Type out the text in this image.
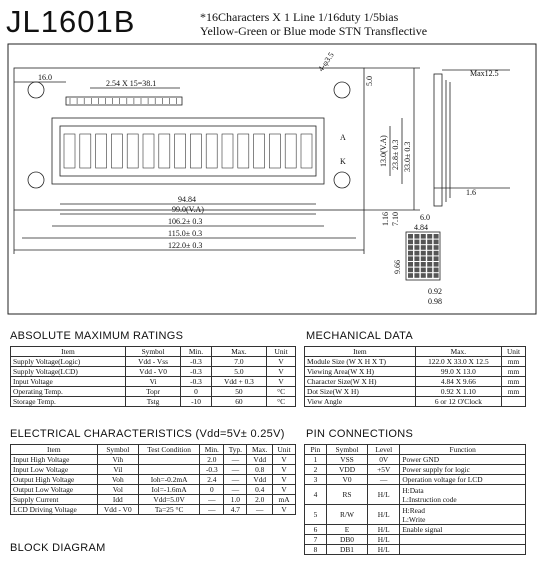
JL1601B	*16Characters X 1 Line 1/16duty 1/5bias
Yellow-Green or Blue mode STN Transflective
16.0
2.54 X 15=38.1
4-φ3.5
5.0
Max12.5
13.0(V.A) 23.8± 0.3 33.0± 0.3
A
K
94.84
99.0(V.A)
106.2± 0.3
115.0± 0.3
122.0± 0.3
1.6
1.16 7.10	6.0
4.84
9.66
0.92
0.98
ABSOLUTE MAXIMUM RATINGS
Item	Symbol	Min.	Max.	Unit
Supply Voltage(Logic)	Vdd - Vss	-0.3	7.0	V
Supply Voltage(LCD)	Vdd - V0	-0.3	5.0	V
Input Voltage	Vi	-0.3	Vdd + 0.3	V
Operating Temp.	Topr	0	50	°C
Storage Temp.	Tstg	-10	60	°C
MECHANICAL DATA
Item	Max.	Unit
Module Size (W X H X T)	122.0 X 33.0 X 12.5	mm
Viewing Area(W X H)	99.0 X 13.0	mm
Character Size(W X H)	4.84 X 9.66	mm
Dot Size(W X H)	0.92 X 1.10	mm
View Angle	6 or 12 O'Clock	
ELECTRICAL CHARACTERISTICS (Vdd=5V± 0.25V)
Item	Symbol	Test Condition	Min.	Typ.	Max.	Unit
Input High Voltage	Vih		2.0	—	Vdd	V
Input Low Voltage	Vil		-0.3	—	0.8	V
Output High Voltage	Voh	Ioh=-0.2mA	2.4	—	Vdd	V
Output Low Voltage	Vol	Iol=-1.6mA	0	—	0.4	V
Supply Current	Idd	Vdd=5.0V	—	1.0	2.0	mA
LCD Driving Voltage	Vdd - V0	Ta=25 °C	—	4.7	—	V
PIN CONNECTIONS
Pin	Symbol	Level	Function
1	VSS	0V	Power GND

2	VDD	+5V	Power supply for logic

3	V0	—	Operation voltage for LCD

4	RS	H/L	H:Data
L:Instruction code

5	R/W	H/L	H:Read
L:Write

6	E	H/L	Enable signal

7	DB0	H/L	

8	DB1	H/L	
BLOCK DIAGRAM
